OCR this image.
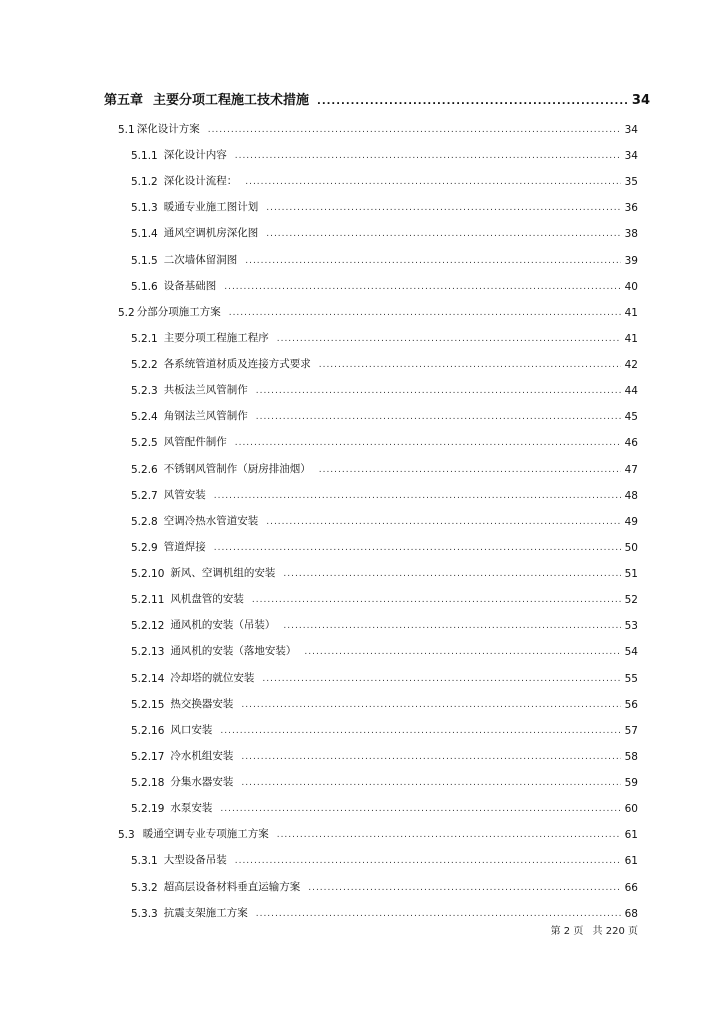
第五章 主要分项工程施工技术措施 .....	34
5.1 深化设计方案 .....	34
5.1.1 深化设计内容 .....	34
5.1.2 深化设计流程： .....	35
5.1.3 暖通专业施工图计划 .....	36
5.1.4 通风空调机房深化图 .....	38
5.1.5 二次墙体留洞图 .....	39
5.1.6 设备基础图 .....	40
5.2 分部分项施工方案 .....	41
5.2.1 主要分项工程施工程序 .....	41
5.2.2 各系统管道材质及连接方式要求 .....	42
5.2.3 共板法兰风管制作 .....	44
5.2.4 角钢法兰风管制作 .....	45
5.2.5 风管配件制作 .....	46
5.2.6 不锈钢风管制作（厨房排油烟） .....	47
5.2.7 风管安装 .....	48
5.2.8 空调冷热水管道安装 .....	49
5.2.9 管道焊接 .....	50
5.2.10 新风、空调机组的安装 .....	51
5.2.11 风机盘管的安装 .....	52
5.2.12 通风机的安装（吊装） .....	53
5.2.13 通风机的安装（落地安装） .....	54
5.2.14 冷却塔的就位安装 .....	55
5.2.15 热交换器安装 .....	56
5.2.16 风口安装 .....	57
5.2.17 冷水机组安装 .....	58
5.2.18 分集水器安装 .....	59
5.2.19 水泵安装 .....	60
5.3 暖通空调专业专项施工方案 .....	61
5.3.1 大型设备吊装 .....	61
5.3.2 超高层设备材料垂直运输方案 .....	66
5.3.3 抗震支架施工方案 .....	68
第 2 页 共 220 页
